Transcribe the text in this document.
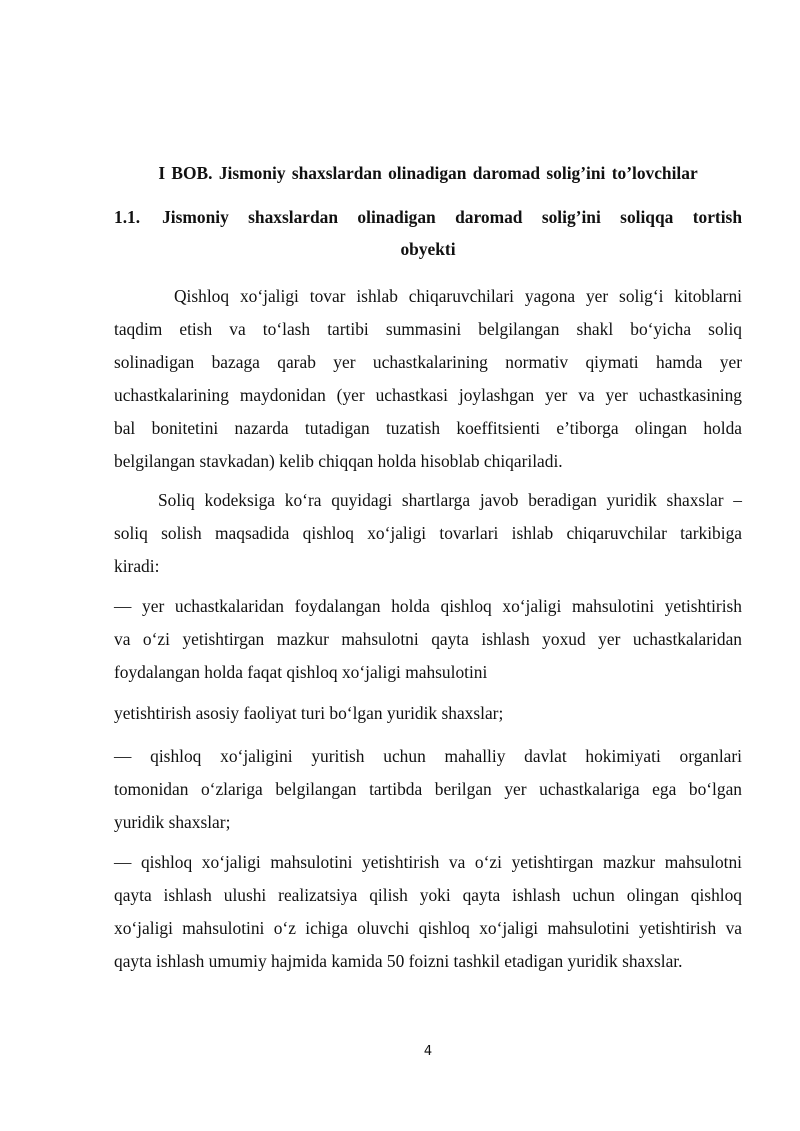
I BOB. Jismoniy shaxslardan olinadigan daromad solig’ini to’lovchilar
1.1. Jismoniy shaxslardan olinadigan daromad solig’ini soliqqa tortish
obyekti
Qishloq xo‘jaligi tovar ishlab chiqaruvchilari yagona yer solig‘i kitoblarni
taqdim etish va to‘lash tartibi summasini belgilangan shakl bo‘yicha soliq
solinadigan bazaga qarab yer uchastkalarining normativ qiymati hamda yer
uchastkalarining maydonidan (yer uchastkasi joylashgan yer va yer uchastkasining
bal bonitetini nazarda tutadigan tuzatish koeffitsienti e’tiborga olingan holda
belgilangan stavkadan) kelib chiqqan holda hisoblab chiqariladi.
Soliq kodeksiga ko‘ra quyidagi shartlarga javob beradigan yuridik shaxslar –
soliq solish maqsadida qishloq xo‘jaligi tovarlari ishlab chiqaruvchilar tarkibiga
kiradi:
— yer uchastkalaridan foydalangan holda qishloq xo‘jaligi mahsulotini yetishtirish
va o‘zi yetishtirgan mazkur mahsulotni qayta ishlash yoxud yer uchastkalaridan
foydalangan holda faqat qishloq xo‘jaligi mahsulotini
yetishtirish asosiy faoliyat turi bo‘lgan yuridik shaxslar;
— qishloq xo‘jaligini yuritish uchun mahalliy davlat hokimiyati organlari
tomonidan o‘zlariga belgilangan tartibda berilgan yer uchastkalariga ega bo‘lgan
yuridik shaxslar;
— qishloq xo‘jaligi mahsulotini yetishtirish va o‘zi yetishtirgan mazkur mahsulotni
qayta ishlash ulushi realizatsiya qilish yoki qayta ishlash uchun olingan qishloq
xo‘jaligi mahsulotini o‘z ichiga oluvchi qishloq xo‘jaligi mahsulotini yetishtirish va
qayta ishlash umumiy hajmida kamida 50 foizni tashkil etadigan yuridik shaxslar.
4
